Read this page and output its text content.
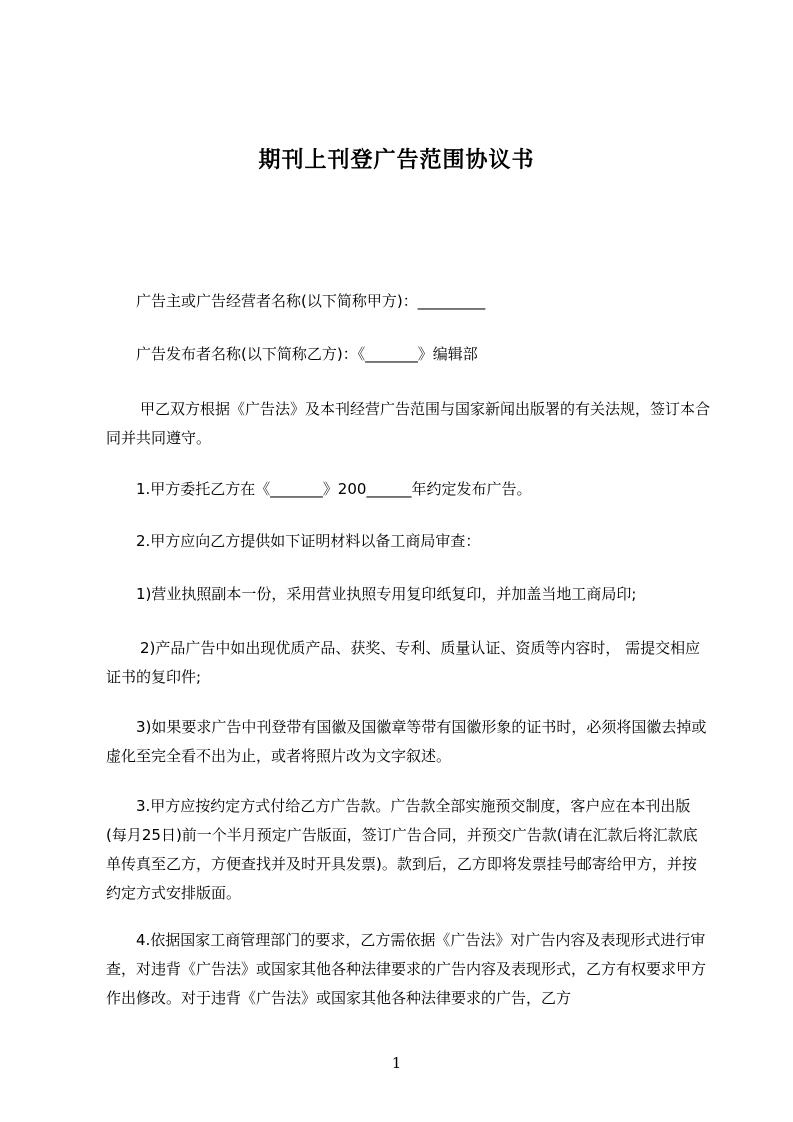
期刊上刊登广告范围协议书

广告主或广告经营者名称(以下简称甲方)：_________

广告发布者名称(以下简称乙方)：《_______》编辑部

甲乙双方根据《广告法》及本刊经营广告范围与国家新闻出版署的有关法规，签订本合同并共同遵守。

1.甲方委托乙方在《_______》200______年约定发布广告。

2.甲方应向乙方提供如下证明材料以备工商局审查：

1)营业执照副本一份，采用营业执照专用复印纸复印，并加盖当地工商局印;

2)产品广告中如出现优质产品、获奖、专利、质量认证、资质等内容时， 需提交相应证书的复印件;

3)如果要求广告中刊登带有国徽及国徽章等带有国徽形象的证书时，必须将国徽去掉或虚化至完全看不出为止，或者将照片改为文字叙述。

3.甲方应按约定方式付给乙方广告款。广告款全部实施预交制度，客户应在本刊出版(每月25日)前一个半月预定广告版面，签订广告合同，并预交广告款(请在汇款后将汇款底单传真至乙方，方便查找并及时开具发票)。款到后，乙方即将发票挂号邮寄给甲方，并按约定方式安排版面。

4.依据国家工商管理部门的要求，乙方需依据《广告法》对广告内容及表现形式进行审查，对违背《广告法》或国家其他各种法律要求的广告内容及表现形式，乙方有权要求甲方作出修改。对于违背《广告法》或国家其他各种法律要求的广告，乙方

1
